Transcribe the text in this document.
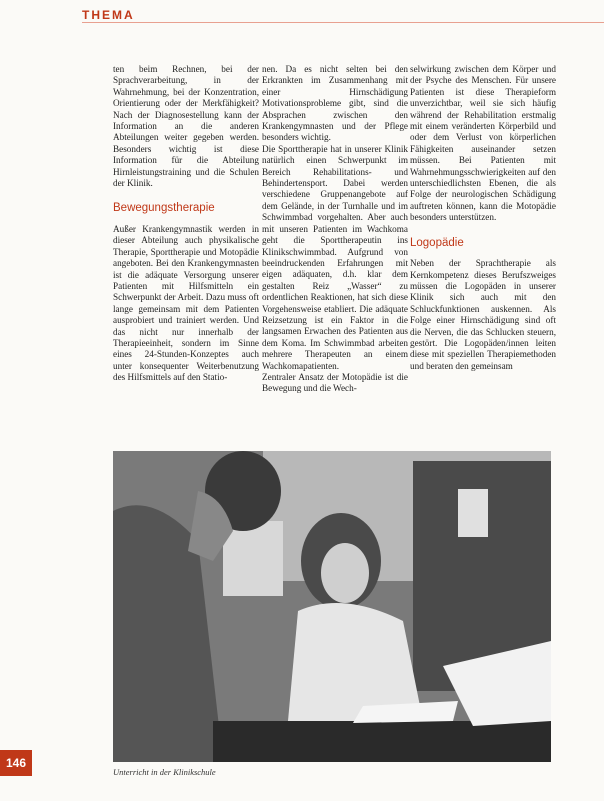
THEMA

ten beim Rechnen, bei der Sprachverarbeitung, in der Wahrnehmung, bei der Konzentration, Orientierung oder der Merkfähigkeit? Nach der Diagnosestellung kann der Information an die anderen Abteilungen weiter gegeben werden. Besonders wichtig ist diese Information für die Abteilung Hirnleistungstraining und die Schulen der Klinik.

Bewegungstherapie

Außer Krankengymnastik werden in dieser Abteilung auch physikalische Therapie, Sporttherapie und Motopädie angeboten. Bei den Krankengymnasten ist die adäquate Versorgung unserer Patienten mit Hilfsmitteln ein Schwerpunkt der Arbeit. Dazu muss oft lange gemeinsam mit dem Patienten ausprobiert und trainiert werden. Und das nicht nur innerhalb der Therapieeinheit, sondern im Sinne eines 24-Stunden-Konzeptes auch unter konsequenter Weiterbenutzung des Hilfsmittels auf den Statio-

nen. Da es nicht selten bei den Erkrankten im Zusammenhang mit einer Hirnschädigung Motivationsprobleme gibt, sind die Absprachen zwischen den Krankengymnasten und der Pflege besonders wichtig.

Die Sporttherapie hat in unserer Klinik natürlich einen Schwerpunkt im Bereich Rehabilitations- und Behindertensport. Dabei werden verschiedene Gruppenangebote auf dem Gelände, in der Turnhalle und im Schwimmbad vorgehalten. Aber auch mit unseren Patienten im Wachkoma geht die Sporttherapeutin ins Klinikschwimmbad. Aufgrund von beeindruckenden Erfahrungen mit eigen adäquaten, d.h. klar dem gestalten Reiz „Wasser“ zu ordentlichen Reaktionen, hat sich diese Vorgehensweise etabliert. Die adäquate Reizsetzung ist ein Faktor in die langsamen Erwachen des Patienten aus dem Koma. Im Schwimmbad arbeiten mehrere Therapeuten an einem Wachkomapatienten.

Zentraler Ansatz der Motopädie ist die Bewegung und die Wech-

selwirkung zwischen dem Körper und der Psyche des Menschen. Für unsere Patienten ist diese Therapieform unverzichtbar, weil sie sich häufig während der Rehabilitation erstmalig mit einem veränderten Körperbild und oder dem Verlust von körperlichen Fähigkeiten auseinander setzen müssen. Bei Patienten mit Wahrnehmungsschwierigkeiten auf den unterschiedlichsten Ebenen, die als Folge der neurologischen Schädigung auftreten können, kann die Motopädie besonders unterstützen.

Logopädie

Neben der Sprachtherapie als Kernkompetenz dieses Berufszweiges müssen die Logopäden in unserer Klinik sich auch mit den Schluckfunktionen auskennen. Als Folge einer Hirnschädigung sind oft die Nerven, die das Schlucken steuern, gestört. Die Logopäden/innen leiten diese mit speziellen Therapiemethoden und beraten den gemeinsam

Unterricht in der Klinikschule
146
